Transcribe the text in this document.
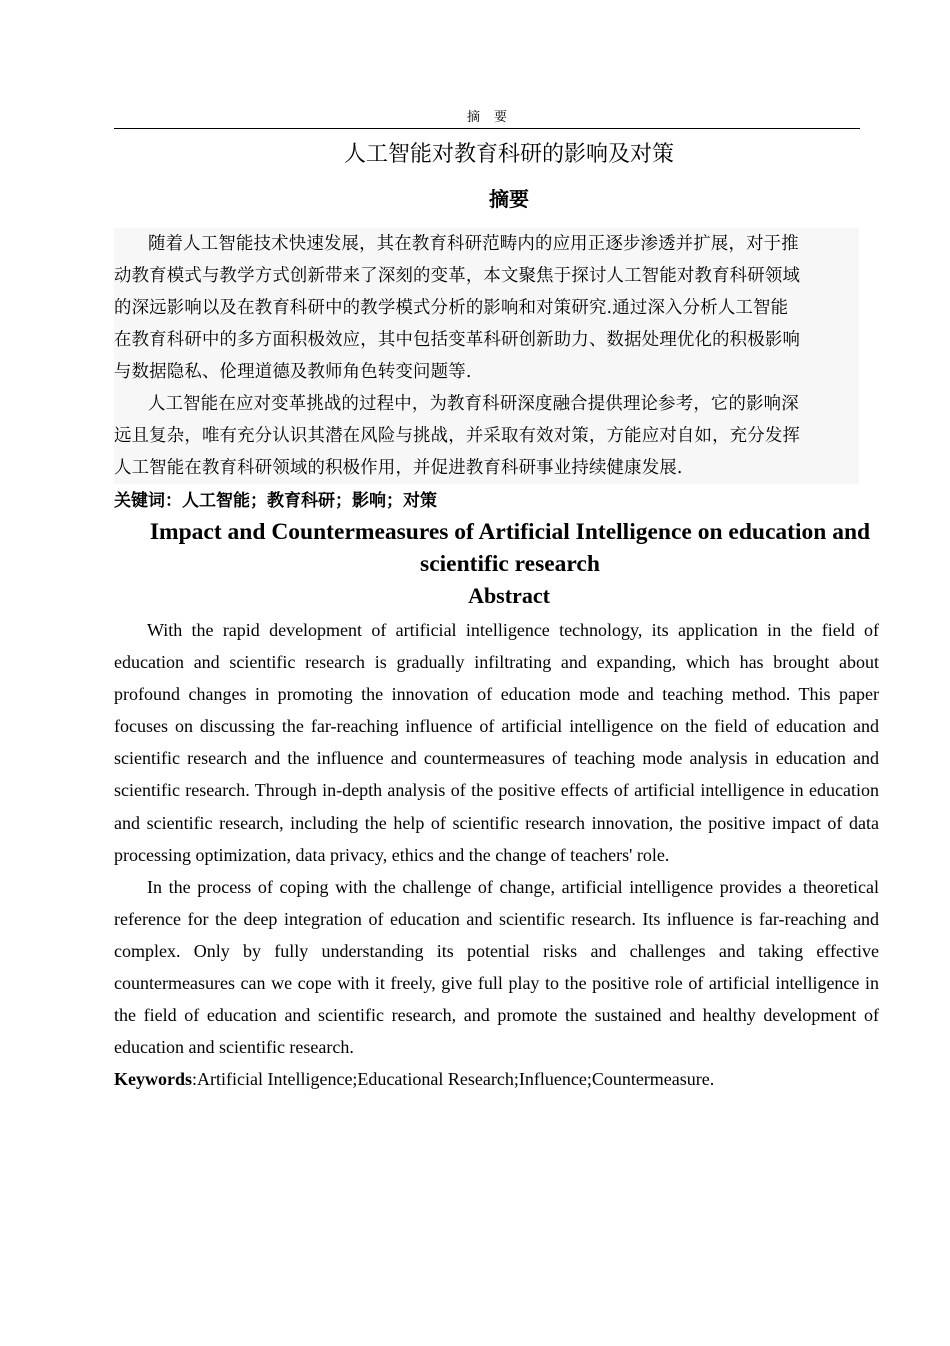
摘要
人工智能对教育科研的影响及对策
摘要
随着人工智能技术快速发展，其在教育科研范畴内的应用正逐步渗透并扩展，对于推
动教育模式与教学方式创新带来了深刻的变革，本文聚焦于探讨人工智能对教育科研领域
的深远影响以及在教育科研中的教学模式分析的影响和对策研究.通过深入分析人工智能
在教育科研中的多方面积极效应，其中包括变革科研创新助力、数据处理优化的积极影响
与数据隐私、伦理道德及教师角色转变问题等.
人工智能在应对变革挑战的过程中，为教育科研深度融合提供理论参考，它的影响深
远且复杂，唯有充分认识其潜在风险与挑战，并采取有效对策，方能应对自如，充分发挥
人工智能在教育科研领域的积极作用，并促进教育科研事业持续健康发展.
关键词：人工智能；教育科研；影响；对策
Impact and Countermeasures of Artificial Intelligence on education and scientific research
Abstract

With the rapid development of artificial intelligence technology, its application in the field of education and scientific research is gradually infiltrating and expanding, which has brought about profound changes in promoting the innovation of education mode and teaching method. This paper focuses on discussing the far-reaching influence of artificial intelligence on the field of education and scientific research and the influence and countermeasures of teaching mode analysis in education and scientific research. Through in-depth analysis of the positive effects of artificial intelligence in education and scientific research, including the help of scientific research innovation, the positive impact of data processing optimization, data privacy, ethics and the change of teachers' role.

In the process of coping with the challenge of change, artificial intelligence provides a theoretical reference for the deep integration of education and scientific research. Its influence is far-reaching and complex. Only by fully understanding its potential risks and challenges and taking effective countermeasures can we cope with it freely, give full play to the positive role of artificial intelligence in the field of education and scientific research, and promote the sustained and healthy development of education and scientific research.

Keywords:Artificial Intelligence;Educational Research;Influence;Countermeasure.
